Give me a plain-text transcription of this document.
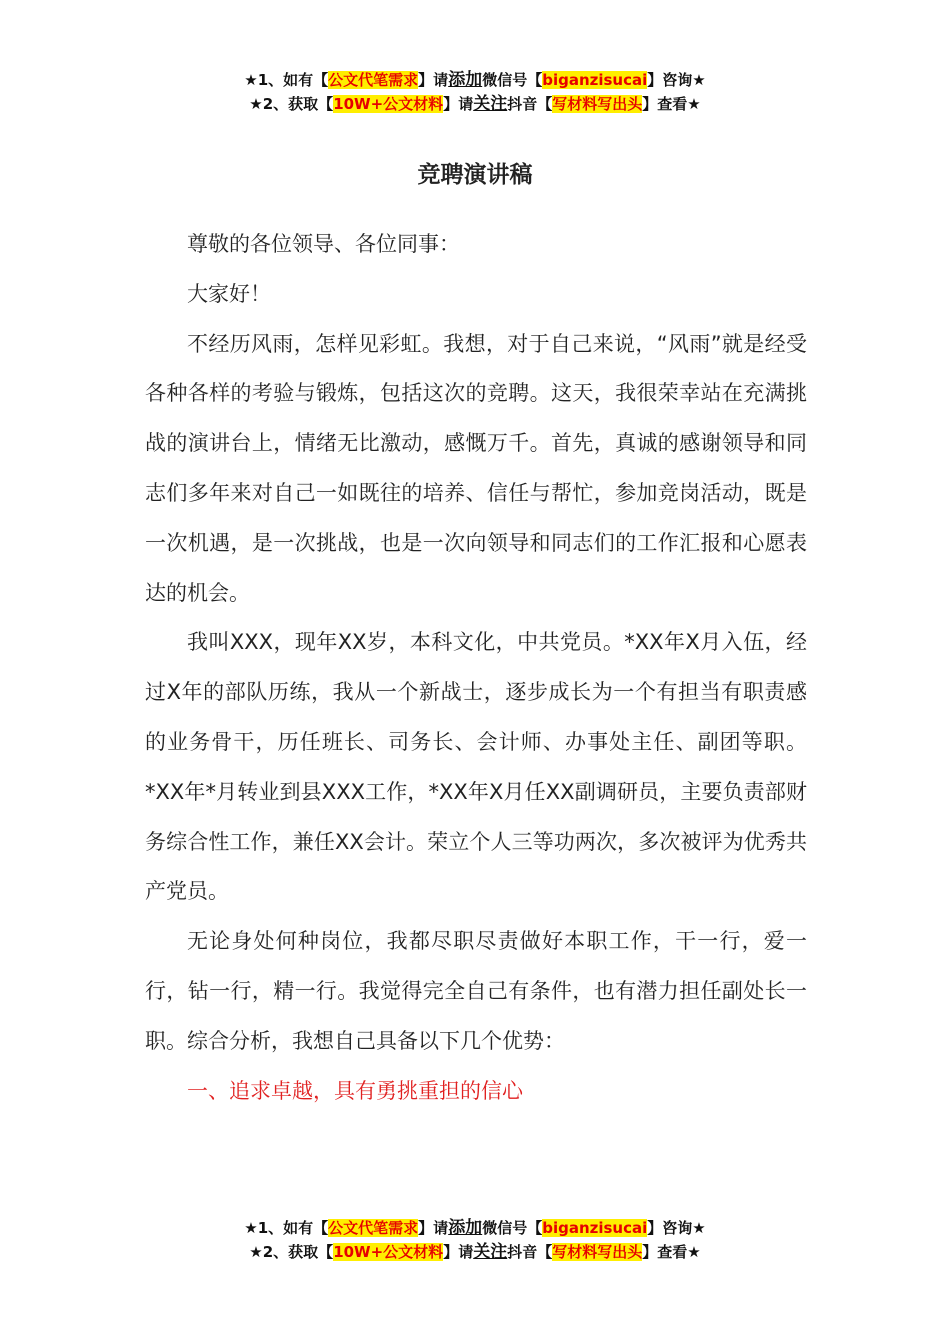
★1、如有【公文代笔需求】请添加微信号【biganzisucai】咨询★
★2、获取【10W+公文材料】请关注抖音【写材料写出头】查看★
竞聘演讲稿

尊敬的各位领导、各位同事：

大家好！

不经历风雨，怎样见彩虹。我想，对于自己来说，“风雨”就是经受各种各样的考验与锻炼，包括这次的竞聘。这天，我很荣幸站在充满挑战的演讲台上，情绪无比激动，感慨万千。首先，真诚的感谢领导和同志们多年来对自己一如既往的培养、信任与帮忙，参加竞岗活动，既是一次机遇，是一次挑战，也是一次向领导和同志们的工作汇报和心愿表达的机会。

我叫XXX，现年XX岁，本科文化，中共党员。*XX年X月入伍，经过X年的部队历练，我从一个新战士，逐步成长为一个有担当有职责感的业务骨干，历任班长、司务长、会计师、办事处主任、副团等职。*XX年*月转业到县XXX工作，*XX年X月任XX副调研员，主要负责部财务综合性工作，兼任XX会计。荣立个人三等功两次，多次被评为优秀共产党员。

无论身处何种岗位，我都尽职尽责做好本职工作，干一行，爱一行，钻一行，精一行。我觉得完全自己有条件，也有潜力担任副处长一职。综合分析，我想自己具备以下几个优势：

一、追求卓越，具有勇挑重担的信心

★1、如有【公文代笔需求】请添加微信号【biganzisucai】咨询★
★2、获取【10W+公文材料】请关注抖音【写材料写出头】查看★
